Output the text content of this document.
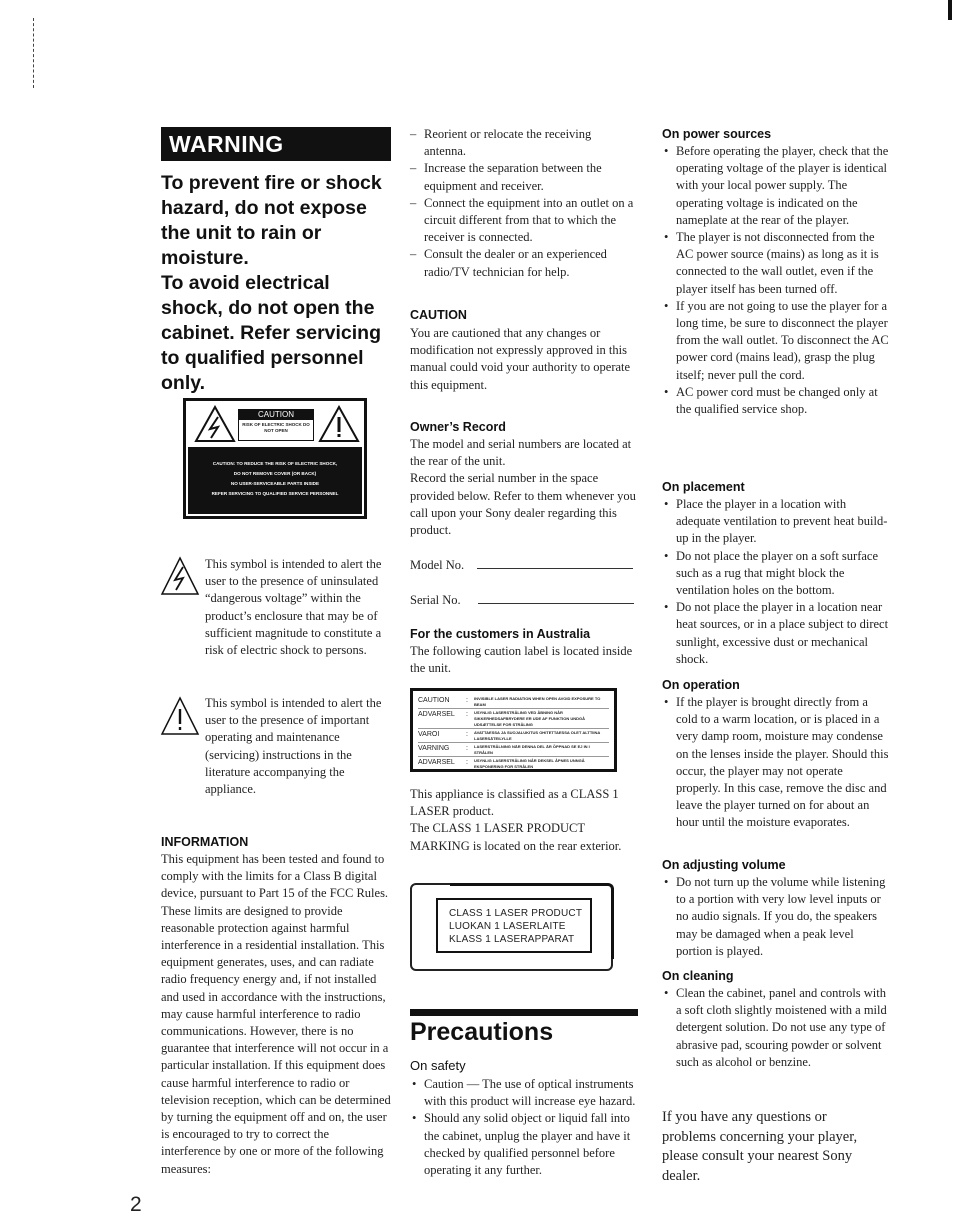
WARNING

To prevent fire or shock hazard, do not expose the unit to rain or moisture.

To avoid electrical shock, do not open the cabinet. Refer servicing to qualified personnel only.

CAUTION
RISK OF ELECTRIC SHOCK DO NOT OPEN
CAUTION: TO REDUCE THE RISK OF ELECTRIC SHOCK,
DO NOT REMOVE COVER (OR BACK)
NO USER-SERVICEABLE PARTS INSIDE
REFER SERVICING TO QUALIFIED SERVICE PERSONNEL

This symbol is intended to alert the user to the presence of uninsulated “dangerous voltage” within the product’s enclosure that may be of sufficient magnitude to constitute a risk of electric shock to persons.

This symbol is intended to alert the user to the presence of important operating and maintenance (servicing) instructions in the literature accompanying the appliance.

INFORMATION

This equipment has been tested and found to comply with the limits for a Class B digital device, pursuant to Part 15 of the FCC Rules. These limits are designed to provide reasonable protection against harmful interference in a residential installation. This equipment generates, uses, and can radiate radio frequency energy and, if not installed and used in accordance with the instructions, may cause harmful interference to radio communications. However, there is no guarantee that interference will not occur in a particular installation. If this equipment does cause harmful interference to radio or television reception, which can be determined by turning the equipment off and on, the user is encouraged to try to correct the interference by one or more of the following measures:

2
– Reorient or relocate the receiving antenna.
– Increase the separation between the equipment and receiver.
– Connect the equipment into an outlet on a circuit different from that to which the receiver is connected.
– Consult the dealer or an experienced radio/TV technician for help.

CAUTION

You are cautioned that any changes or modification not expressly approved in this manual could void your authority to operate this equipment.

Owner’s Record

The model and serial numbers are located at the rear of the unit.

Record the serial number in the space provided below. Refer to them whenever you call upon your Sony dealer regarding this product.

Model No.
Serial No.

For the customers in Australia

The following caution label is located inside the unit.

CAUTION	:	INVISIBLE LASER RADIATION WHEN OPEN AVOID EXPOSURE TO BEAM
ADVARSEL	:	USYNLIG LASERSTRÅLING VED ÅBNING NÅR SIKKERHEDSAFBRYDERE ER UDE AF FUNKTION UNDGÅ UDSÆTTELSE FOR STRÅLING
VAROI	:	AVATTAESSA JA SUOJALUKITUS OHITETTAESSA OLET ALTTIINA LASERSÄTEILYLLE
VARNING	:	LASERSTRÅLNING NÄR DENNA DEL ÄR ÖPPNAD SE EJ IN I STRÅLEN
ADVARSEL	:	USYNLIG LASERSTRÅLING NÅR DEKSEL ÅPNES UNNGÅ EKSPONERING FOR STRÅLEN

This appliance is classified as a CLASS 1 LASER product.

The CLASS 1 LASER PRODUCT MARKING is located on the rear exterior.

CLASS 1 LASER PRODUCT
LUOKAN 1 LASERLAITE
KLASS 1 LASERAPPARAT
Precautions

On safety

• Caution — The use of optical instruments with this product will increase eye hazard.
• Should any solid object or liquid fall into the cabinet, unplug the player and have it checked by qualified personnel before operating it any further.

On power sources

• Before operating the player, check that the operating voltage of the player is identical with your local power supply. The operating voltage is indicated on the nameplate at the rear of the player.
• The player is not disconnected from the AC power source (mains) as long as it is connected to the wall outlet, even if the player itself has been turned off.
• If you are not going to use the player for a long time, be sure to disconnect the player from the wall outlet. To disconnect the AC power cord (mains lead), grasp the plug itself; never pull the cord.
• AC power cord must be changed only at the qualified service shop.

On placement

• Place the player in a location with adequate ventilation to prevent heat build-up in the player.
• Do not place the player on a soft surface such as a rug that might block the ventilation holes on the bottom.
• Do not place the player in a location near heat sources, or in a place subject to direct sunlight, excessive dust or mechanical shock.

On operation

• If the player is brought directly from a cold to a warm location, or is placed in a very damp room, moisture may condense on the lenses inside the player. Should this occur, the player may not operate properly. In this case, remove the disc and leave the player turned on for about an hour until the moisture evaporates.

On adjusting volume

• Do not turn up the volume while listening to a portion with very low level inputs or no audio signals. If you do, the speakers may be damaged when a peak level portion is played.

On cleaning

• Clean the cabinet, panel and controls with a soft cloth slightly moistened with a mild detergent solution. Do not use any type of abrasive pad, scouring powder or solvent such as alcohol or benzine.

If you have any questions or problems concerning your player, please consult your nearest Sony dealer.
